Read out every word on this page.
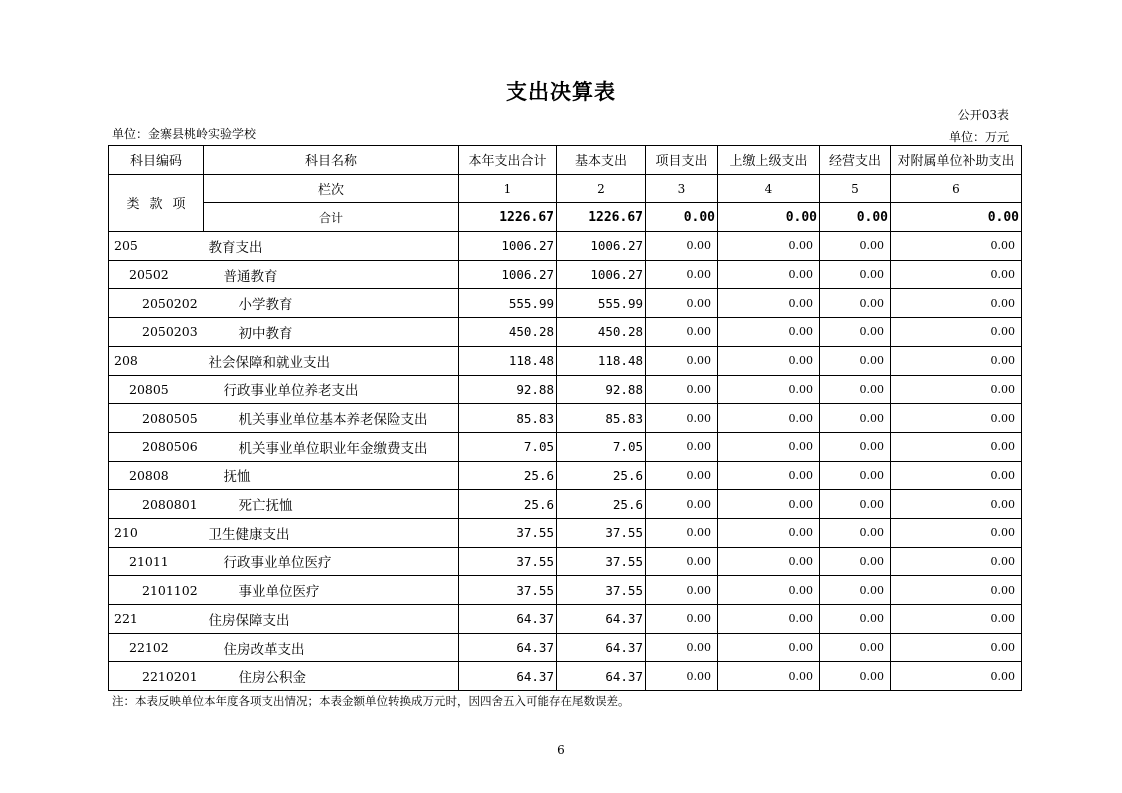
支出决算表
公开03表
单位：金寨县桃岭实验学校	单位：万元
科目编码	科目名称	本年支出合计	基本支出	项目支出	上缴上级支出	经营支出	对附属单位补助支出
类 款 项	栏次	1	2	3	4	5	6
	合计	1226.67	1226.67	0.00	0.00	0.00	0.00
205	教育支出	1006.27	1006.27	0.00	0.00	0.00	0.00
20502	普通教育	1006.27	1006.27	0.00	0.00	0.00	0.00
2050202	小学教育	555.99	555.99	0.00	0.00	0.00	0.00
2050203	初中教育	450.28	450.28	0.00	0.00	0.00	0.00
208	社会保障和就业支出	118.48	118.48	0.00	0.00	0.00	0.00
20805	行政事业单位养老支出	92.88	92.88	0.00	0.00	0.00	0.00
2080505	机关事业单位基本养老保险支出	85.83	85.83	0.00	0.00	0.00	0.00
2080506	机关事业单位职业年金缴费支出	7.05	7.05	0.00	0.00	0.00	0.00
20808	抚恤	25.6	25.6	0.00	0.00	0.00	0.00
2080801	死亡抚恤	25.6	25.6	0.00	0.00	0.00	0.00
210	卫生健康支出	37.55	37.55	0.00	0.00	0.00	0.00
21011	行政事业单位医疗	37.55	37.55	0.00	0.00	0.00	0.00
2101102	事业单位医疗	37.55	37.55	0.00	0.00	0.00	0.00
221	住房保障支出	64.37	64.37	0.00	0.00	0.00	0.00
22102	住房改革支出	64.37	64.37	0.00	0.00	0.00	0.00
2210201	住房公积金	64.37	64.37	0.00	0.00	0.00	0.00
注：本表反映单位本年度各项支出情况；本表金额单位转换成万元时，因四舍五入可能存在尾数误差。
6
